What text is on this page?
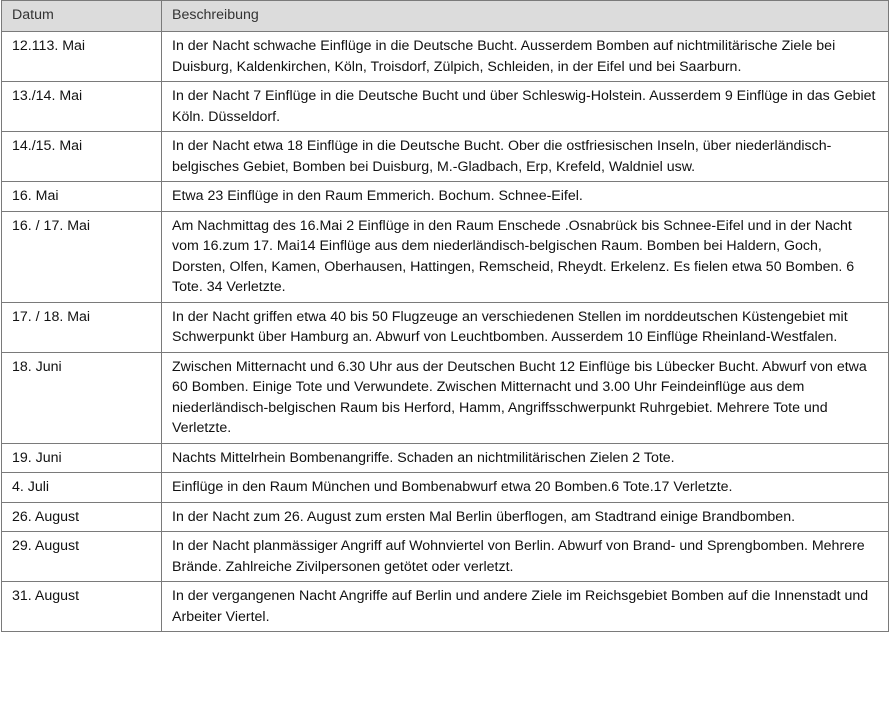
Datum	Beschreibung
12.113. Mai	In der Nacht schwache Einflüge in die Deutsche Bucht. Ausserdem Bomben auf nichtmilitärische Ziele bei Duisburg, Kaldenkirchen, Köln, Troisdorf, Zülpich, Schleiden, in der Eifel und bei Saarburn.
13./14. Mai	In der Nacht 7 Einflüge in die Deutsche Bucht und über Schleswig-Holstein. Ausserdem 9 Einflüge in das Gebiet Köln. Düsseldorf.
14./15. Mai	In der Nacht etwa 18 Einflüge in die Deutsche Bucht. Ober die ostfriesischen Inseln, über niederländisch-belgisches Gebiet, Bomben bei Duisburg, M.-Gladbach, Erp, Krefeld, Waldniel usw.
16. Mai	Etwa 23 Einflüge in den Raum Emmerich. Bochum. Schnee-Eifel.
16. / 17. Mai	Am Nachmittag des 16.Mai 2 Einflüge in den Raum Enschede .Osnabrück bis Schnee-Eifel und in der Nacht vom 16.zum 17. Mai14 Einflüge aus dem niederländisch-belgischen Raum. Bomben bei Haldern, Goch, Dorsten, Olfen, Kamen, Oberhausen, Hattingen, Remscheid, Rheydt. Erkelenz. Es fielen etwa 50 Bomben. 6 Tote. 34 Verletzte.
17. / 18. Mai	In der Nacht griffen etwa 40 bis 50 Flugzeuge an verschiedenen Stellen im norddeutschen Küstengebiet mit Schwerpunkt über Hamburg an. Abwurf von Leuchtbomben. Ausserdem 10 Einflüge Rheinland-Westfalen.
18. Juni	Zwischen Mitternacht und 6.30 Uhr aus der Deutschen Bucht 12 Einflüge bis Lübecker Bucht. Abwurf von etwa 60 Bomben. Einige Tote und Verwundete. Zwischen Mitternacht und 3.00 Uhr Feindeinflüge aus dem niederländisch-belgischen Raum bis Herford, Hamm, Angriffsschwerpunkt Ruhrgebiet. Mehrere Tote und Verletzte.
19. Juni	Nachts Mittelrhein Bombenangriffe. Schaden an nichtmilitärischen Zielen 2 Tote.
4. Juli	Einflüge in den Raum München und Bombenabwurf etwa 20 Bomben.6 Tote.17 Verletzte.
26. August	In der Nacht zum 26. August zum ersten Mal Berlin überflogen, am Stadtrand einige Brandbomben.
29. August	In der Nacht planmässiger Angriff auf Wohnviertel von Berlin. Abwurf von Brand- und Sprengbomben. Mehrere Brände. Zahlreiche Zivilpersonen getötet oder verletzt.
31. August	In der vergangenen Nacht Angriffe auf Berlin und andere Ziele im Reichsgebiet Bomben auf die Innenstadt und Arbeiter Viertel.
